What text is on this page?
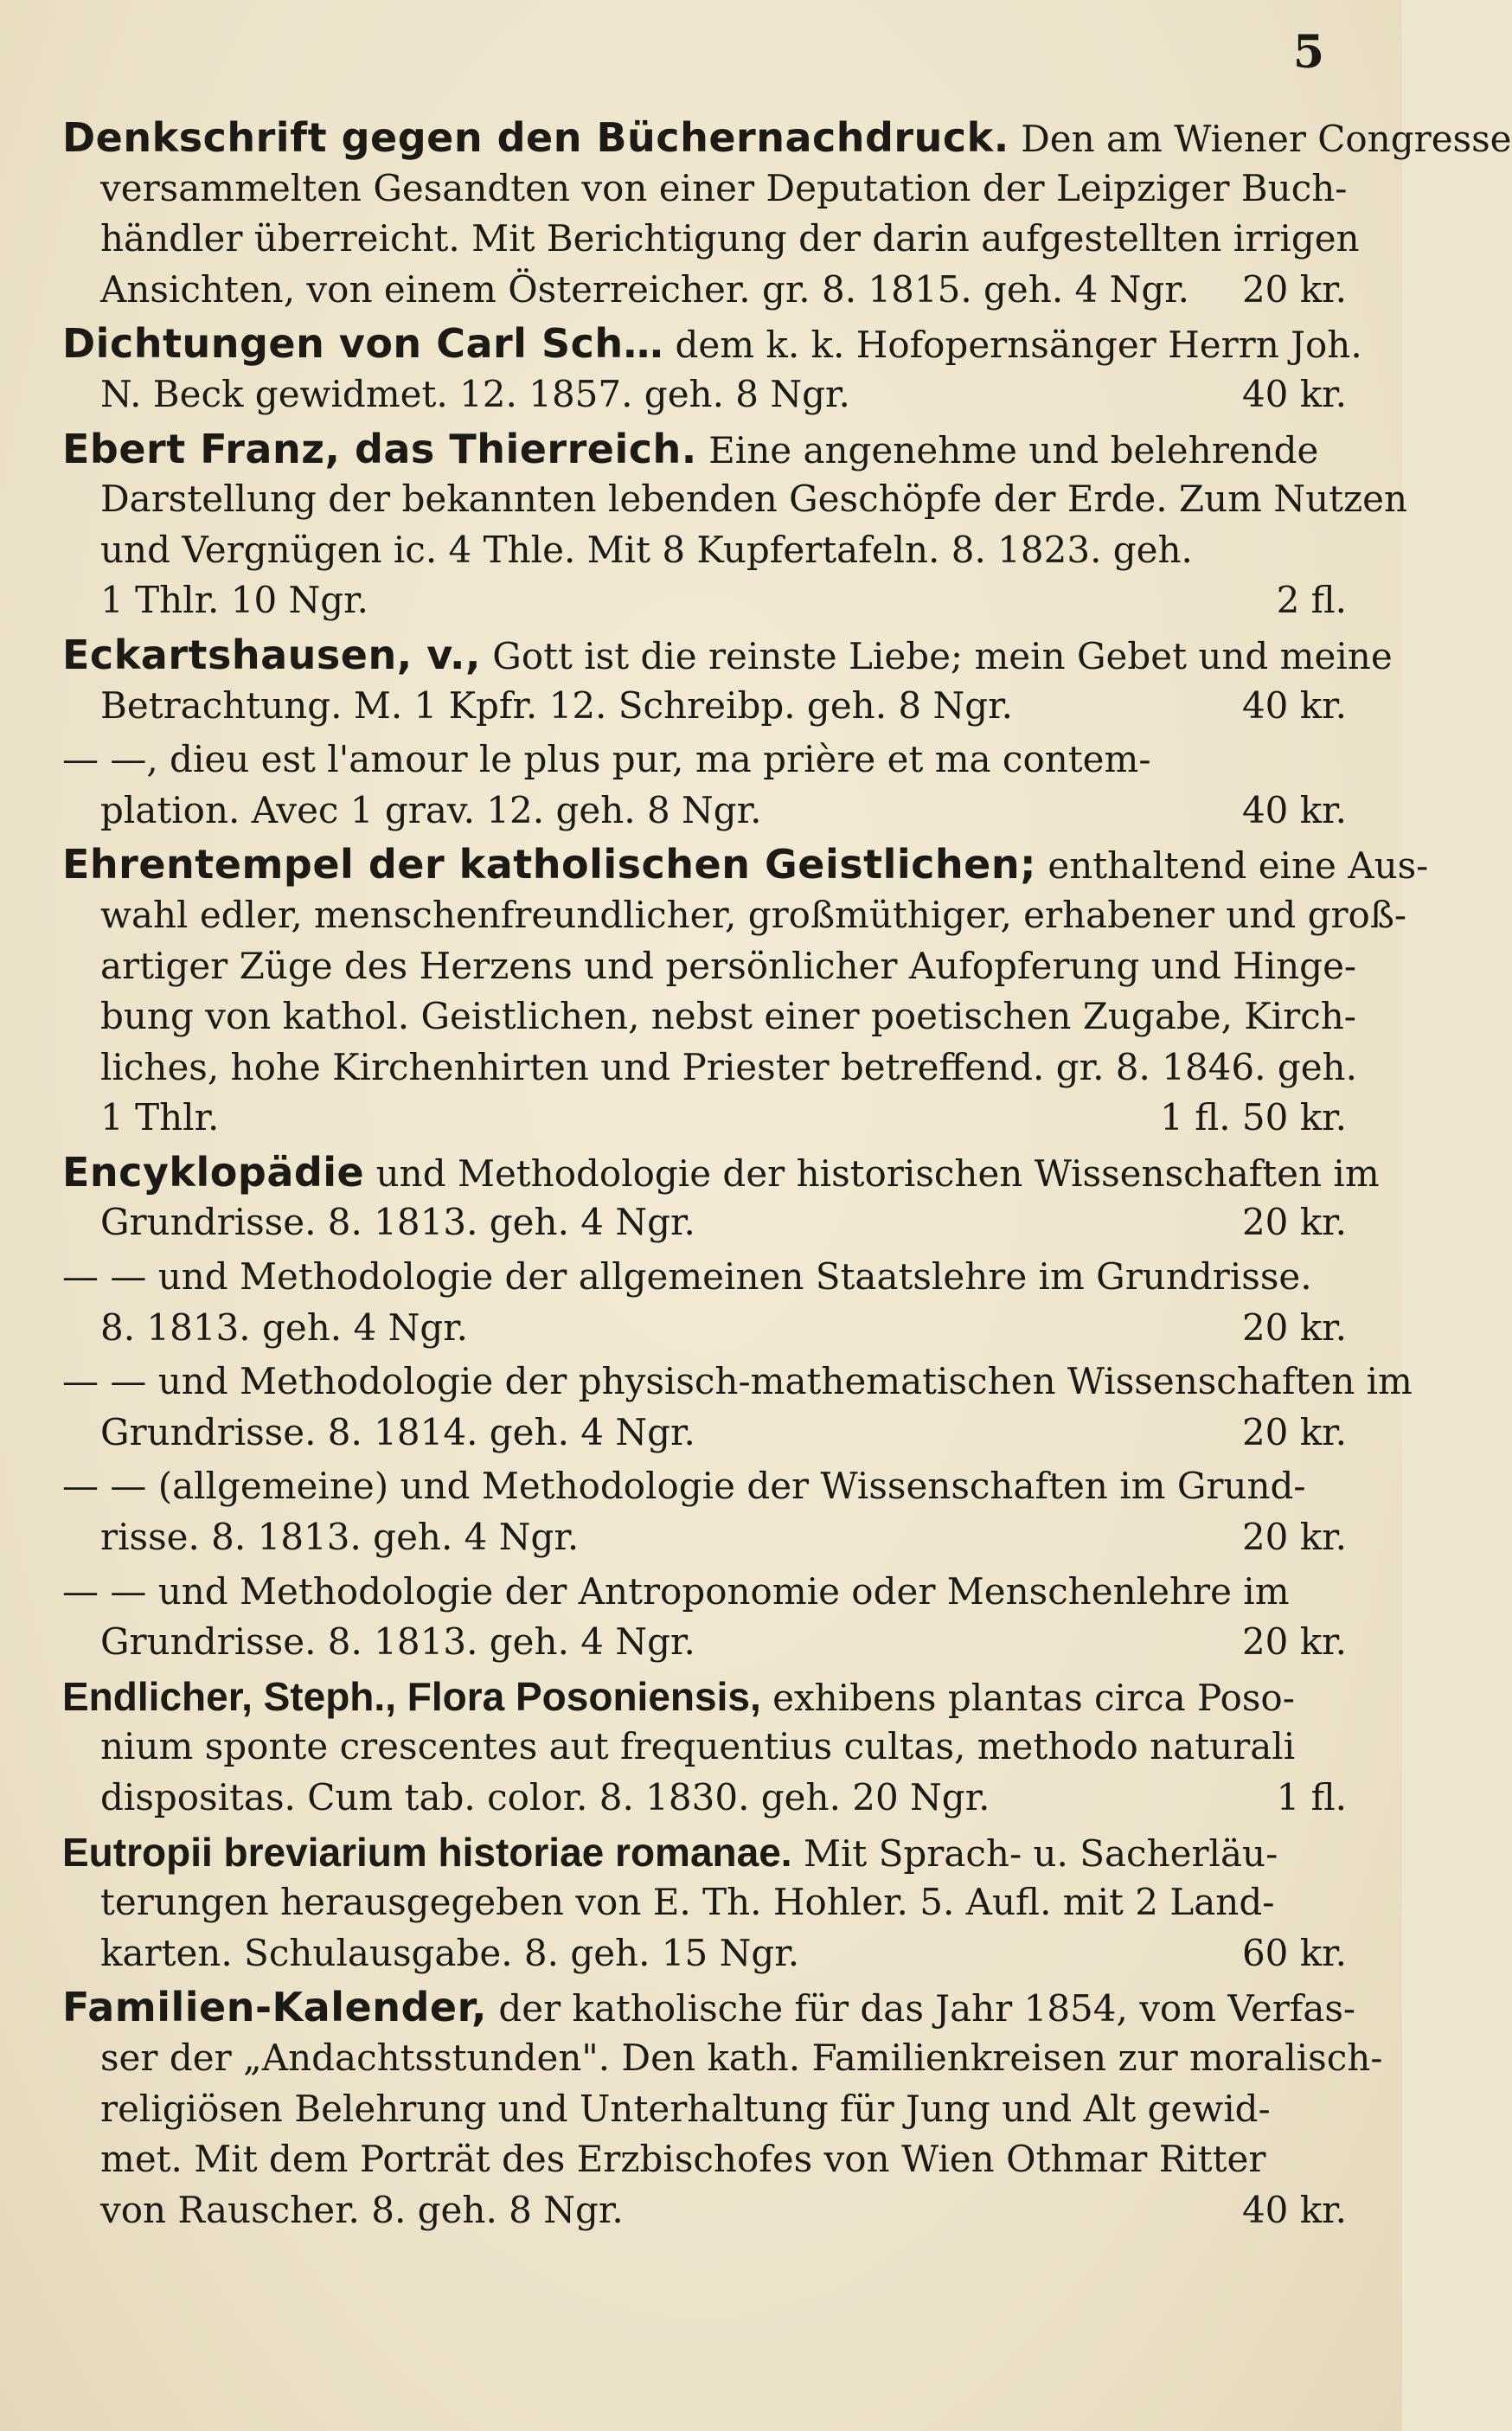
5
Denkschrift gegen den Büchernachdruck. Den am Wiener Congresse
versammelten Gesandten von einer Deputation der Leipziger Buch-
händler überreicht. Mit Berichtigung der darin aufgestellten irrigen
Ansichten, von einem Österreicher. gr. 8. 1815. geh. 4 Ngr.	20 kr.
Dichtungen von Carl Sch… dem k. k. Hofopernsänger Herrn Joh.
N. Beck gewidmet. 12. 1857. geh. 8 Ngr.	40 kr.
Ebert Franz, das Thierreich. Eine angenehme und belehrende
Darstellung der bekannten lebenden Geschöpfe der Erde. Zum Nutzen
und Vergnügen ic. 4 Thle. Mit 8 Kupfertafeln. 8. 1823. geh.
1 Thlr. 10 Ngr.	2 fl.
Eckartshausen, v., Gott ist die reinste Liebe; mein Gebet und meine
Betrachtung. M. 1 Kpfr. 12. Schreibp. geh. 8 Ngr.	40 kr.
— —, dieu est l'amour le plus pur, ma prière et ma contem-
plation. Avec 1 grav. 12. geh. 8 Ngr.	40 kr.
Ehrentempel der katholischen Geistlichen; enthaltend eine Aus-
wahl edler, menschenfreundlicher, großmüthiger, erhabener und groß-
artiger Züge des Herzens und persönlicher Aufopferung und Hinge-
bung von kathol. Geistlichen, nebst einer poetischen Zugabe, Kirch-
liches, hohe Kirchenhirten und Priester betreffend. gr. 8. 1846. geh.
1 Thlr.	1 fl. 50 kr.
Encyklopädie und Methodologie der historischen Wissenschaften im
Grundrisse. 8. 1813. geh. 4 Ngr.	20 kr.
— — und Methodologie der allgemeinen Staatslehre im Grundrisse.
8. 1813. geh. 4 Ngr.	20 kr.
— — und Methodologie der physisch-mathematischen Wissenschaften im
Grundrisse. 8. 1814. geh. 4 Ngr.	20 kr.
— — (allgemeine) und Methodologie der Wissenschaften im Grund-
risse. 8. 1813. geh. 4 Ngr.	20 kr.
— — und Methodologie der Antroponomie oder Menschenlehre im
Grundrisse. 8. 1813. geh. 4 Ngr.	20 kr.
Endlicher, Steph., Flora Posoniensis, exhibens plantas circa Poso-
nium sponte crescentes aut frequentius cultas, methodo naturali
dispositas. Cum tab. color. 8. 1830. geh. 20 Ngr.	1 fl.
Eutropii breviarium historiae romanae. Mit Sprach- u. Sacherläu-
terungen herausgegeben von E. Th. Hohler. 5. Aufl. mit 2 Land-
karten. Schulausgabe. 8. geh. 15 Ngr.	60 kr.
Familien-Kalender, der katholische für das Jahr 1854, vom Verfas-
ser der „Andachtsstunden". Den kath. Familienkreisen zur moralisch-
religiösen Belehrung und Unterhaltung für Jung und Alt gewid-
met. Mit dem Porträt des Erzbischofes von Wien Othmar Ritter
von Rauscher. 8. geh. 8 Ngr.	40 kr.
